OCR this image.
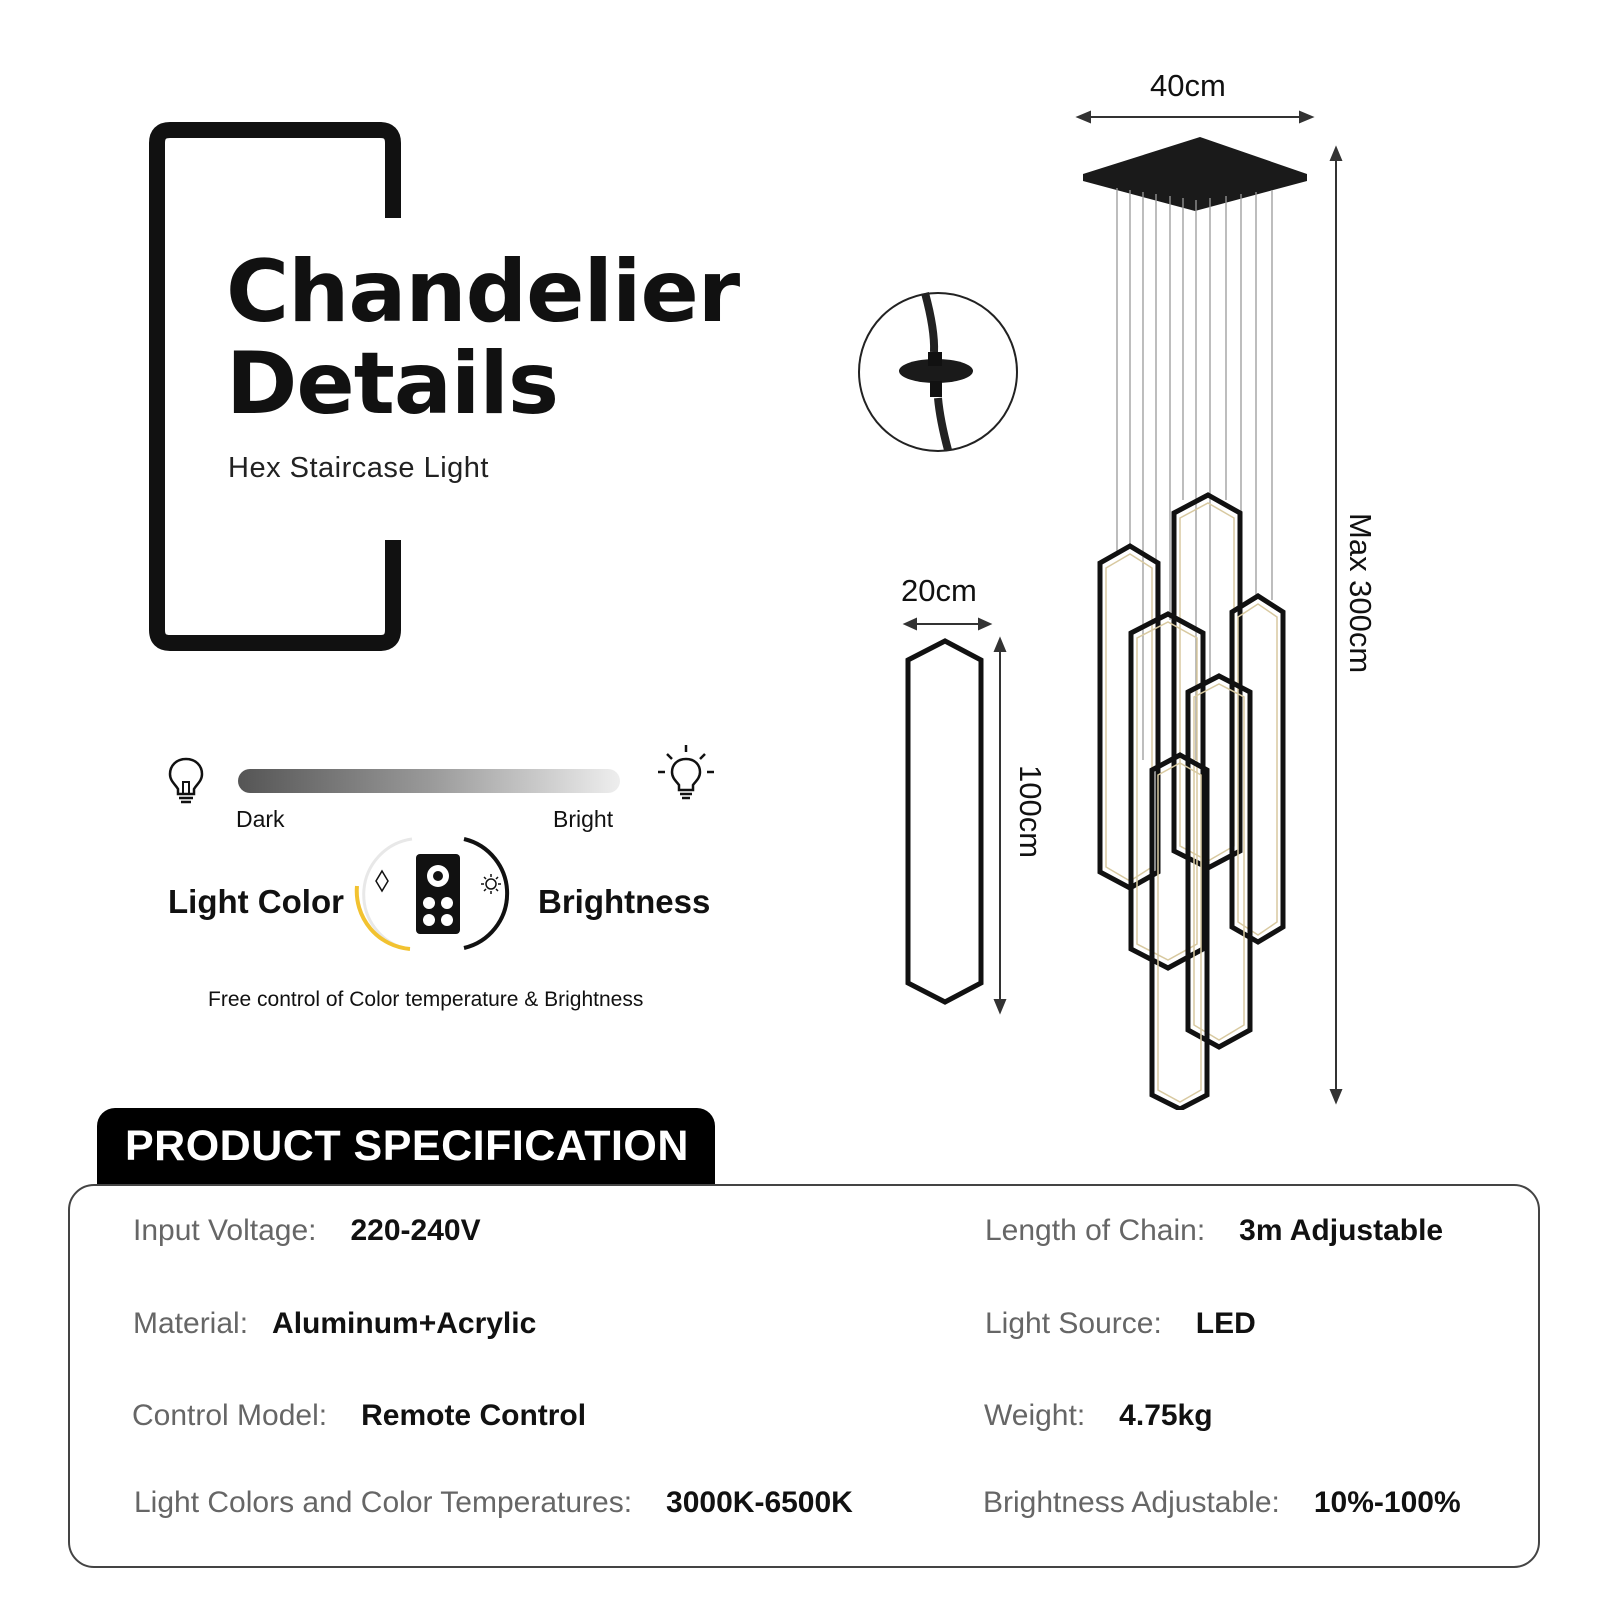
Chandelier
Details
Hex Staircase Light
Dark	Bright
Light Color	Brightness
Free control of Color temperature & Brightness
40cm
Max 300cm
20cm
100cm
PRODUCT SPECIFICATION
Input Voltage: 220-240V
Material: Aluminum+Acrylic
Control Model: Remote Control
Light Colors and Color Temperatures: 3000K-6500K
Length of Chain: 3m Adjustable
Light Source: LED
Weight: 4.75kg
Brightness Adjustable: 10%-100%
